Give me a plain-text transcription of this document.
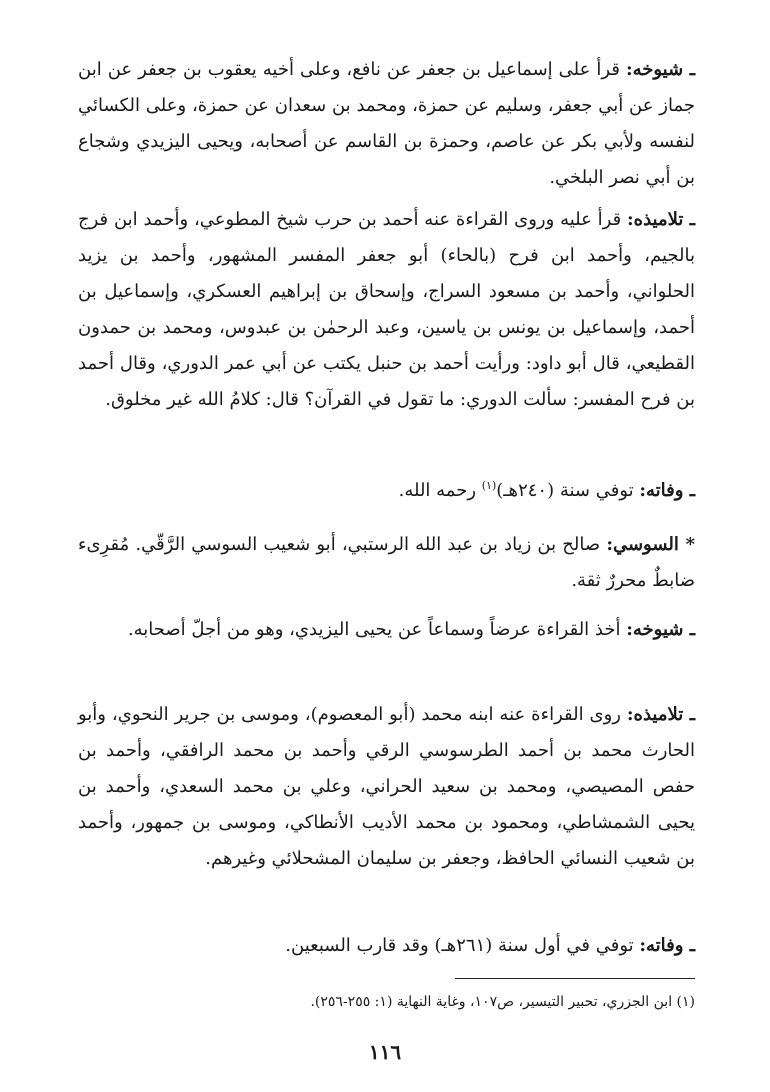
ـ شيوخه: قرأ على إسماعيل بن جعفر عن نافع، وعلى أخيه يعقوب بن جعفر عن ابن جماز عن أبي جعفر، وسليم عن حمزة، ومحمد بن سعدان عن حمزة، وعلى الكسائي لنفسه ولأبي بكر عن عاصم، وحمزة بن القاسم عن أصحابه، ويحيى اليزيدي وشجاع بن أبي نصر البلخي.

ـ تلاميذه: قرأ عليه وروى القراءة عنه أحمد بن حرب شيخ المطوعي، وأحمد ابن فرج بالجيم، وأحمد ابن فرح (بالحاء) أبو جعفر المفسر المشهور، وأحمد بن يزيد الحلواني، وأحمد بن مسعود السراج، وإسحاق بن إبراهيم العسكري، وإسماعيل بن أحمد، وإسماعيل بن يونس بن ياسين، وعبد الرحمٰن بن عبدوس، ومحمد بن حمدون القطيعي، قال أبو داود: ورأيت أحمد بن حنبل يكتب عن أبي عمر الدوري، وقال أحمد بن فرح المفسر: سألت الدوري: ما تقول في القرآن؟ قال: كلامُ الله غير مخلوق.

ـ وفاته: توفي سنة (٢٤٠هـ)$^{(١)}$ رحمه الله.

* السوسي: صالح بن زياد بن عبد الله الرستبي، أبو شعيب السوسي الرَّقّي. مُقرِىء ضابطٌ محررٌ ثقة.

ـ شيوخه: أخذ القراءة عرضاً وسماعاً عن يحيى اليزيدي، وهو من أجلّ أصحابه.

ـ تلاميذه: روى القراءة عنه ابنه محمد (أبو المعصوم)، وموسى بن جرير النحوي، وأبو الحارث محمد بن أحمد الطرسوسي الرقي وأحمد بن محمد الرافقي، وأحمد بن حفص المصيصي، ومحمد بن سعيد الحراني، وعلي بن محمد السعدي، وأحمد بن يحيى الشمشاطي، ومحمود بن محمد الأديب الأنطاكي، وموسى بن جمهور، وأحمد بن شعيب النسائي الحافظ، وجعفر بن سليمان المشحلائي وغيرهم.

ـ وفاته: توفي في أول سنة (٢٦١هـ) وقد قارب السبعين.

(١) ابن الجزري، تحبير التيسير، ص١٠٧، وغاية النهاية (١: ٢٥٥-٢٥٦).

١١٦
